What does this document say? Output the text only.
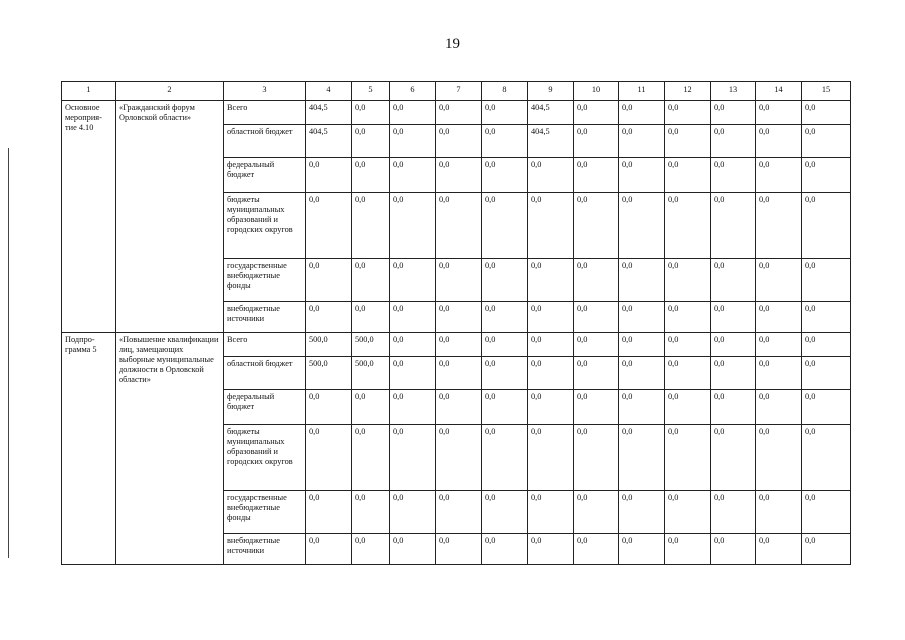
19
1	2	3	4	5	6	7	8	9	10	11	12	13	14	15
Основное мероприя-тие 4.10	«Гражданский форум Орловской области»	Всего	404,5	0,0	0,0	0,0	0,0	404,5	0,0	0,0	0,0	0,0	0,0	0,0
		областной бюджет	404,5	0,0	0,0	0,0	0,0	404,5	0,0	0,0	0,0	0,0	0,0	0,0
		федеральный бюджет	0,0	0,0	0,0	0,0	0,0	0,0	0,0	0,0	0,0	0,0	0,0	0,0
		бюджеты муниципальных образований и городских округов	0,0	0,0	0,0	0,0	0,0	0,0	0,0	0,0	0,0	0,0	0,0	0,0
		государственные внебюджетные фонды	0,0	0,0	0,0	0,0	0,0	0,0	0,0	0,0	0,0	0,0	0,0	0,0
		внебюджетные источники	0,0	0,0	0,0	0,0	0,0	0,0	0,0	0,0	0,0	0,0	0,0	0,0
Подпро-грамма 5	«Повышение квалификации лиц, замещающих выборные муниципальные должности в Орловской области»	Всего	500,0	500,0	0,0	0,0	0,0	0,0	0,0	0,0	0,0	0,0	0,0	0,0
		областной бюджет	500,0	500,0	0,0	0,0	0,0	0,0	0,0	0,0	0,0	0,0	0,0	0,0
		федеральный бюджет	0,0	0,0	0,0	0,0	0,0	0,0	0,0	0,0	0,0	0,0	0,0	0,0
		бюджеты муниципальных образований и городских округов	0,0	0,0	0,0	0,0	0,0	0,0	0,0	0,0	0,0	0,0	0,0	0,0
		государственные внебюджетные фонды	0,0	0,0	0,0	0,0	0,0	0,0	0,0	0,0	0,0	0,0	0,0	0,0
		внебюджетные источники	0,0	0,0	0,0	0,0	0,0	0,0	0,0	0,0	0,0	0,0	0,0	0,0
